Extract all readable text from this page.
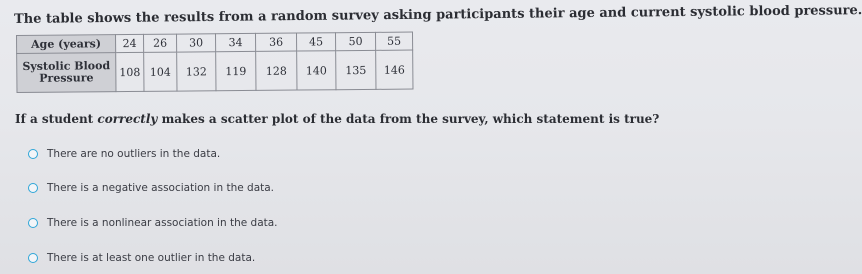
The table shows the results from a random survey asking participants their age and current systolic blood pressure.
Age (years)	24	26	30	34	36	45	50	55
Systolic Blood
Pressure	108	104	132	119	128	140	135	146
If a student correctly makes a scatter plot of the data from the survey, which statement is true?
There are no outliers in the data.
There is a negative association in the data.
There is a nonlinear association in the data.
There is at least one outlier in the data.
